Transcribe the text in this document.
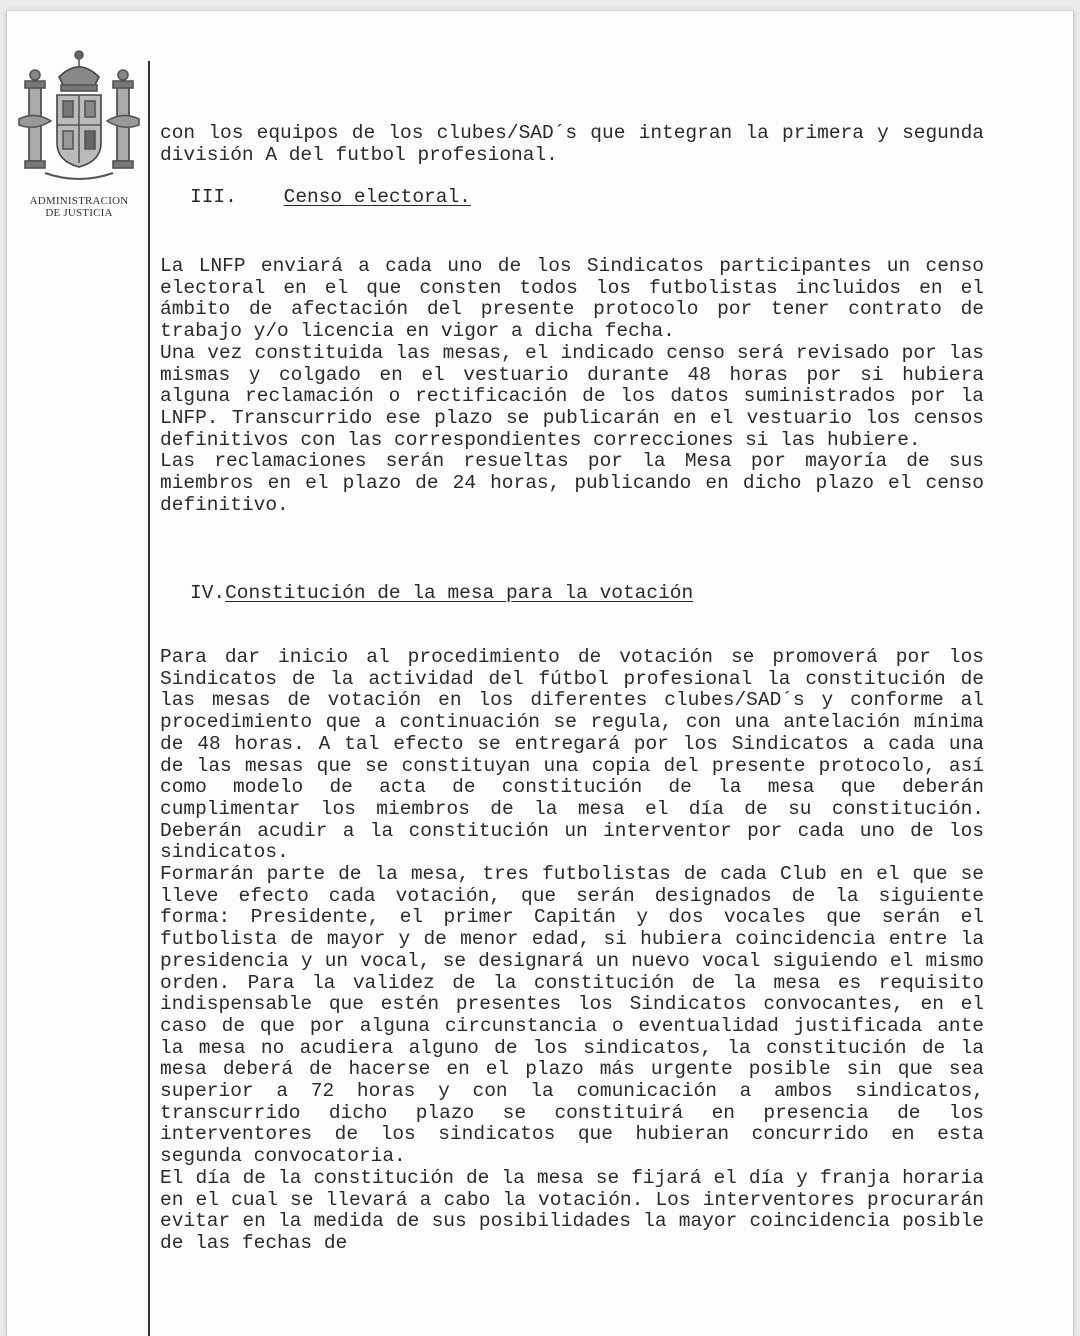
ADMINISTRACION
DE JUSTICIA

con los equipos de los clubes/SAD´s que integran la primera y segunda división A del futbol profesional.

III. Censo electoral.

La LNFP enviará a cada uno de los Sindicatos participantes un censo electoral en el que consten todos los futbolistas incluidos en el ámbito de afectación del presente protocolo por tener contrato de trabajo y/o licencia en vigor a dicha fecha.

Una vez constituida las mesas, el indicado censo será revisado por las mismas y colgado en el vestuario durante 48 horas por si hubiera alguna reclamación o rectificación de los datos suministrados por la LNFP. Transcurrido ese plazo se publicarán en el vestuario los censos definitivos con las correspondientes correcciones si las hubiere.

Las reclamaciones serán resueltas por la Mesa por mayoría de sus miembros en el plazo de 24 horas, publicando en dicho plazo el censo definitivo.

IV.Constitución de la mesa para la votación

Para dar inicio al procedimiento de votación se promoverá por los Sindicatos de la actividad del fútbol profesional la constitución de las mesas de votación en los diferentes clubes/SAD´s y conforme al procedimiento que a continuación se regula, con una antelación mínima de 48 horas. A tal efecto se entregará por los Sindicatos a cada una de las mesas que se constituyan una copia del presente protocolo, así como modelo de acta de constitución de la mesa que deberán cumplimentar los miembros de la mesa el día de su constitución. Deberán acudir a la constitución un interventor por cada uno de los sindicatos.

Formarán parte de la mesa, tres futbolistas de cada Club en el que se lleve efecto cada votación, que serán designados de la siguiente forma: Presidente, el primer Capitán y dos vocales que serán el futbolista de mayor y de menor edad, si hubiera coincidencia entre la presidencia y un vocal, se designará un nuevo vocal siguiendo el mismo orden. Para la validez de la constitución de la mesa es requisito indispensable que estén presentes los Sindicatos convocantes, en el caso de que por alguna circunstancia o eventualidad justificada ante la mesa no acudiera alguno de los sindicatos, la constitución de la mesa deberá de hacerse en el plazo más urgente posible sin que sea superior a 72 horas y con la comunicación a ambos sindicatos, transcurrido dicho plazo se constituirá en presencia de los interventores de los sindicatos que hubieran concurrido en esta segunda convocatoria.

El día de la constitución de la mesa se fijará el día y franja horaria en el cual se llevará a cabo la votación. Los interventores procurarán evitar en la medida de sus posibilidades la mayor coincidencia posible de las fechas de
